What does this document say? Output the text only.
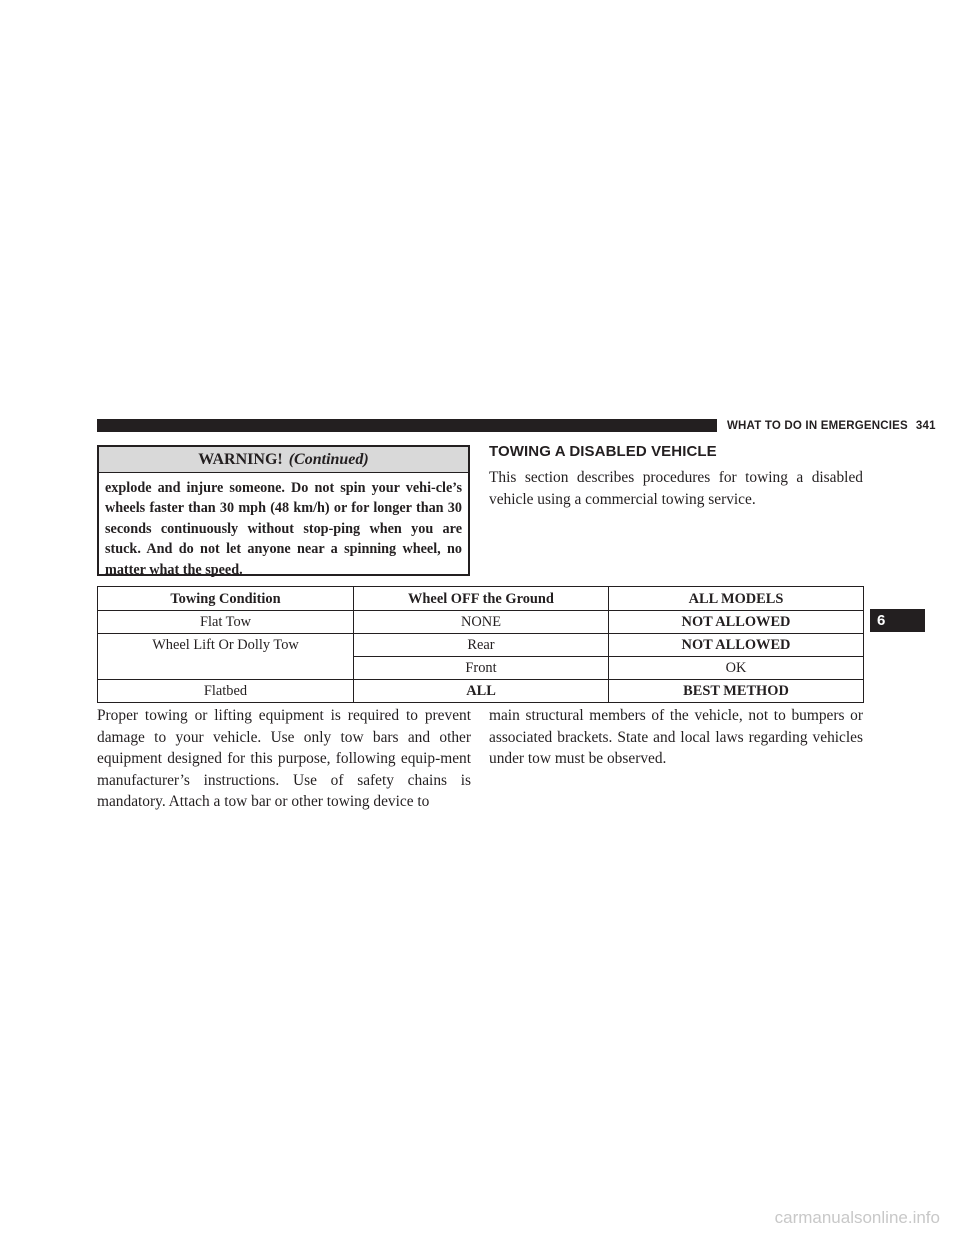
WHAT TO DO IN EMERGENCIES 341
WARNING! (Continued)
explode and injure someone. Do not spin your vehi-cle’s wheels faster than 30 mph (48 km/h) or for longer than 30 seconds continuously without stop-ping when you are stuck. And do not let anyone near a spinning wheel, no matter what the speed.
TOWING A DISABLED VEHICLE
This section describes procedures for towing a disabled vehicle using a commercial towing service.
6
Towing Condition	Wheel OFF the Ground	ALL MODELS
Flat Tow	NONE	NOT ALLOWED
Wheel Lift Or Dolly Tow	Rear	NOT ALLOWED
	Front	OK
Flatbed	ALL	BEST METHOD
Proper towing or lifting equipment is required to prevent damage to your vehicle. Use only tow bars and other equipment designed for this purpose, following equip-ment manufacturer’s instructions. Use of safety chains is mandatory. Attach a tow bar or other towing device to
main structural members of the vehicle, not to bumpers or associated brackets. State and local laws regarding vehicles under tow must be observed.
carmanualsonline.info
